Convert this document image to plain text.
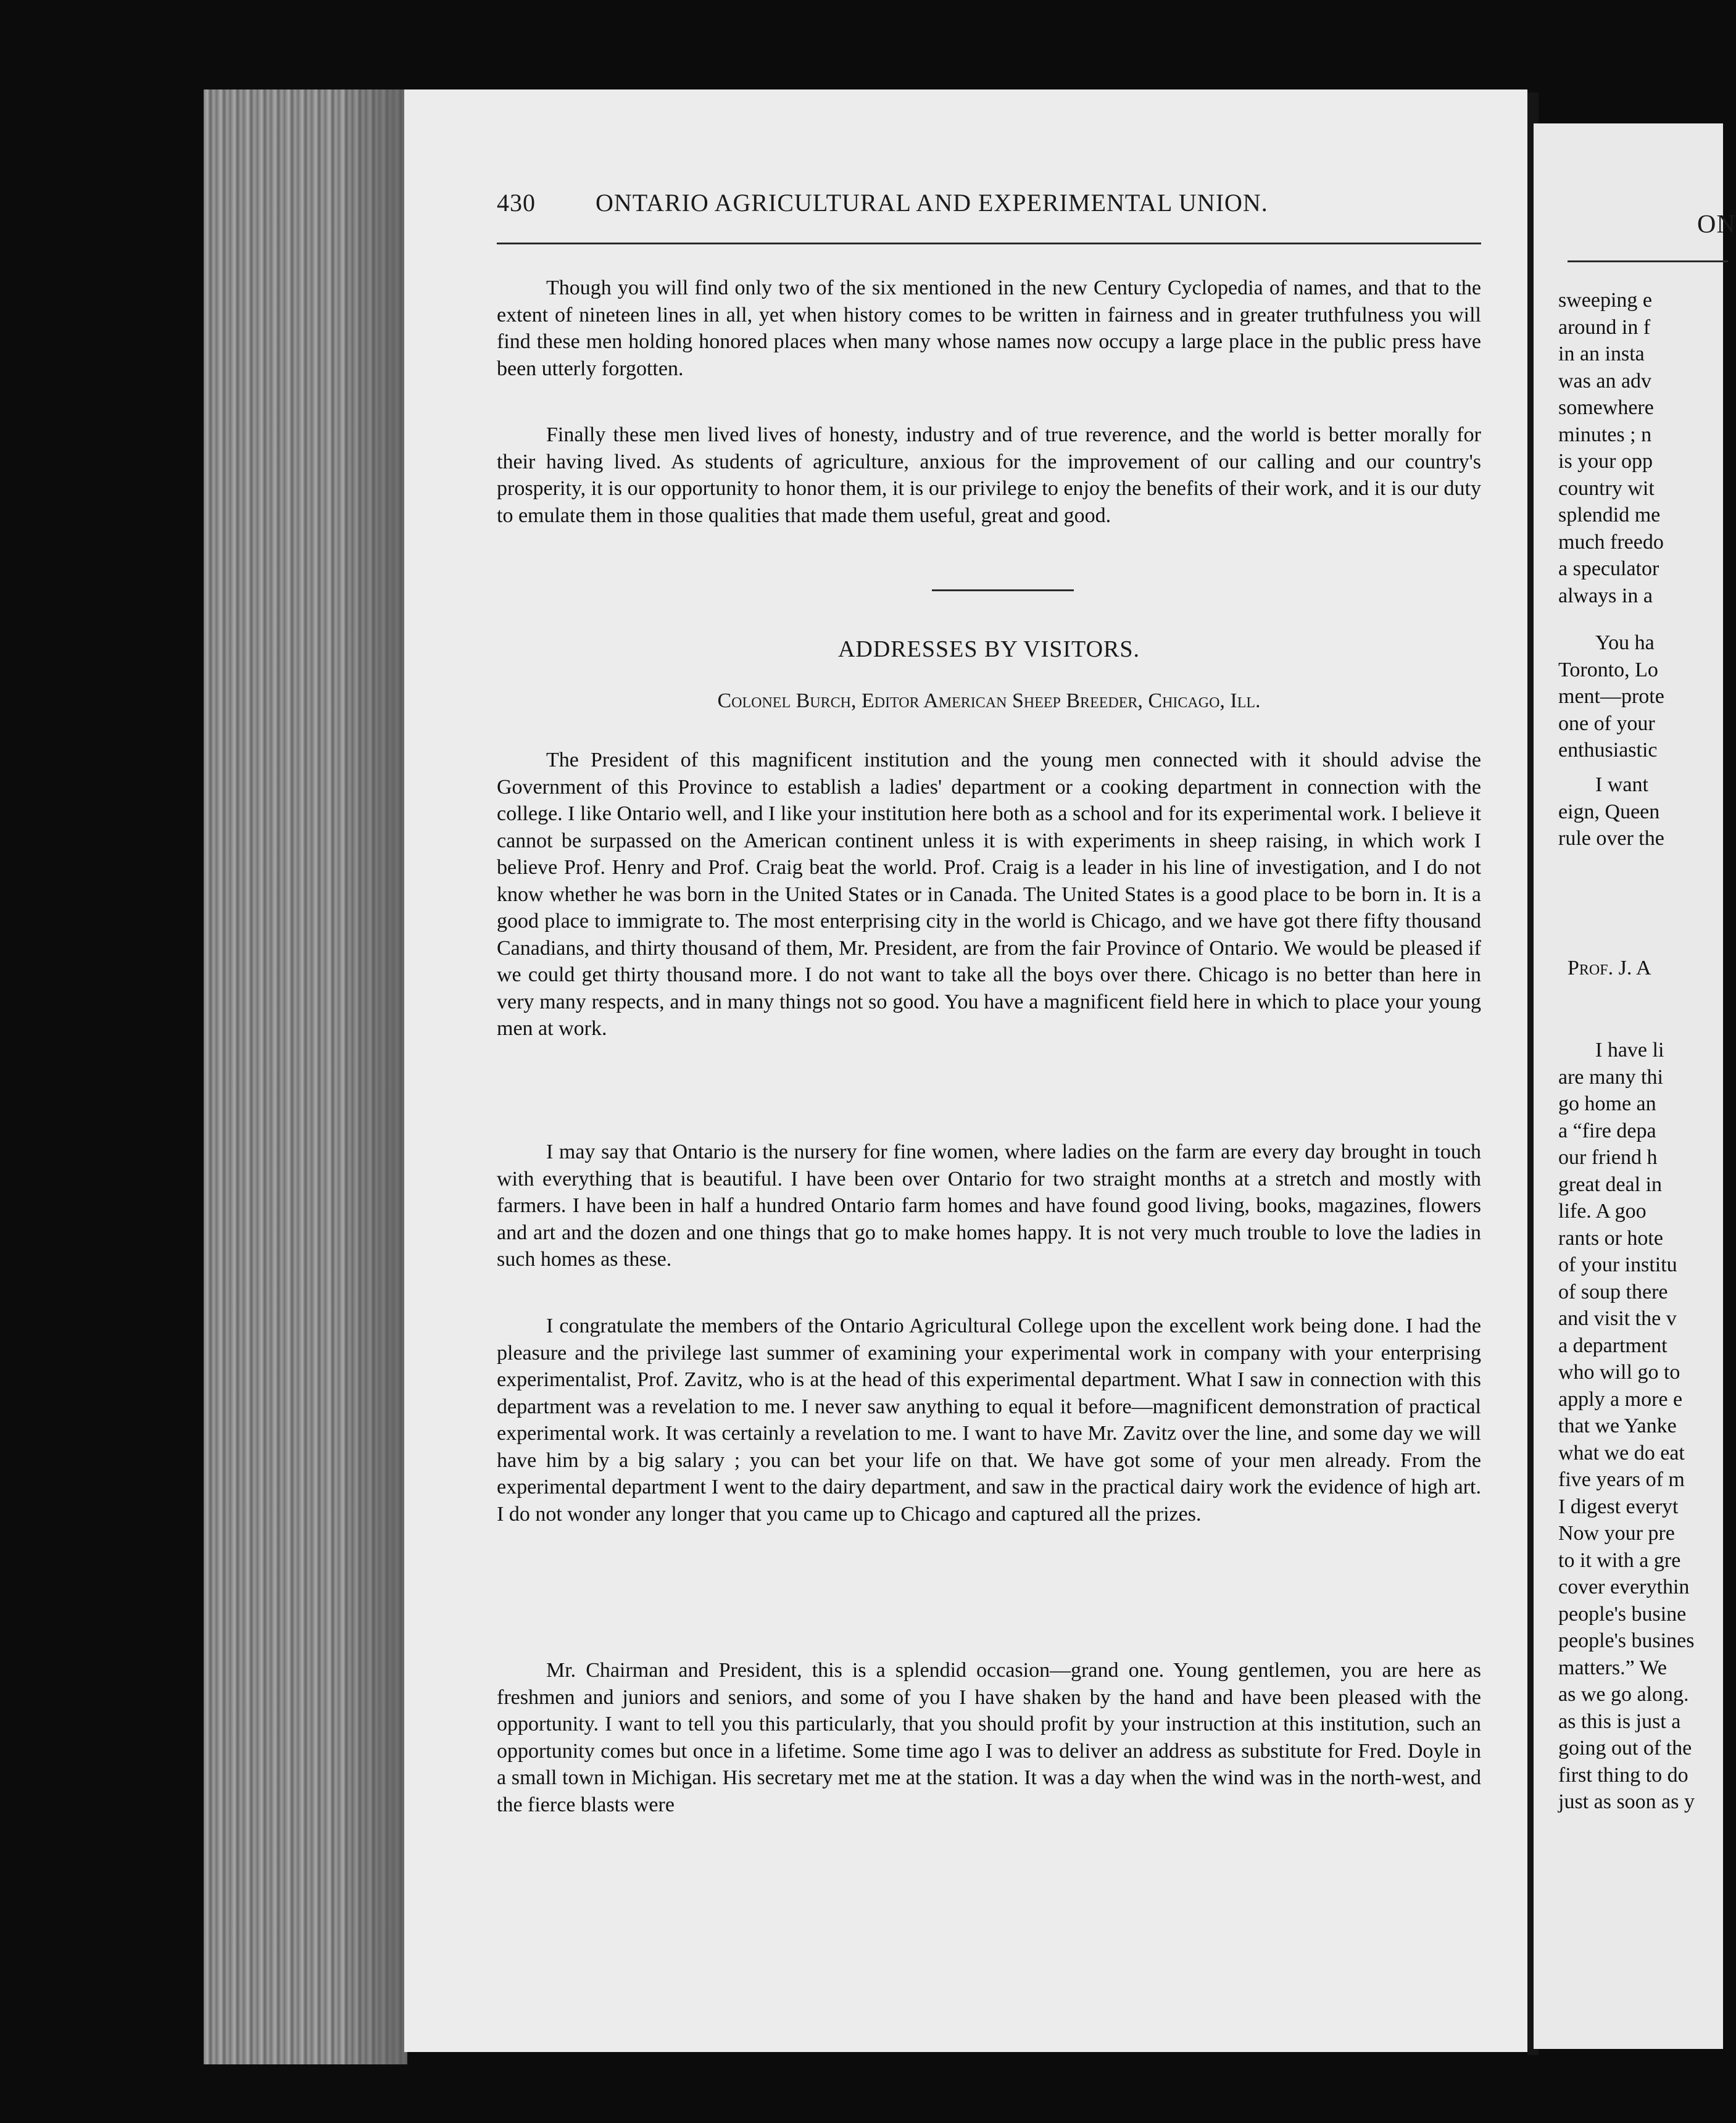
430 ONTARIO AGRICULTURAL AND EXPERIMENTAL UNION.
Though you will find only two of the six mentioned in the new Century Cyclopedia of names, and that to the extent of nineteen lines in all, yet when history comes to be written in fairness and in greater truthfulness you will find these men holding honored places when many whose names now occupy a large place in the public press have been utterly forgotten.
Finally these men lived lives of honesty, industry and of true reverence, and the world is better morally for their having lived. As students of agriculture, anxious for the improvement of our calling and our country's prosperity, it is our opportunity to honor them, it is our privilege to enjoy the benefits of their work, and it is our duty to emulate them in those qualities that made them useful, great and good.
ADDRESSES BY VISITORS.
Colonel Burch, Editor American Sheep Breeder, Chicago, Ill.
The President of this magnificent institution and the young men connected with it should advise the Government of this Province to establish a ladies' department or a cooking department in connection with the college. I like Ontario well, and I like your institution here both as a school and for its experimental work. I believe it cannot be surpassed on the American continent unless it is with experiments in sheep raising, in which work I believe Prof. Henry and Prof. Craig beat the world. Prof. Craig is a leader in his line of investigation, and I do not know whether he was born in the United States or in Canada. The United States is a good place to be born in. It is a good place to immigrate to. The most enterprising city in the world is Chicago, and we have got there fifty thousand Canadians, and thirty thousand of them, Mr. President, are from the fair Province of Ontario. We would be pleased if we could get thirty thousand more. I do not want to take all the boys over there. Chicago is no better than here in very many respects, and in many things not so good. You have a magnificent field here in which to place your young men at work.
I may say that Ontario is the nursery for fine women, where ladies on the farm are every day brought in touch with everything that is beautiful. I have been over Ontario for two straight months at a stretch and mostly with farmers. I have been in half a hundred Ontario farm homes and have found good living, books, magazines, flowers and art and the dozen and one things that go to make homes happy. It is not very much trouble to love the ladies in such homes as these.
I congratulate the members of the Ontario Agricultural College upon the excellent work being done. I had the pleasure and the privilege last summer of examining your experimental work in company with your enterprising experimentalist, Prof. Zavitz, who is at the head of this experimental department. What I saw in connection with this department was a revelation to me. I never saw anything to equal it before—magnificent demonstration of practical experimental work. It was certainly a revelation to me. I want to have Mr. Zavitz over the line, and some day we will have him by a big salary ; you can bet your life on that. We have got some of your men already. From the experimental department I went to the dairy department, and saw in the practical dairy work the evidence of high art. I do not wonder any longer that you came up to Chicago and captured all the prizes.
Mr. Chairman and President, this is a splendid occasion—grand one. Young gentlemen, you are here as freshmen and juniors and seniors, and some of you I have shaken by the hand and have been pleased with the opportunity. I want to tell you this particularly, that you should profit by your instruction at this institution, such an opportunity comes but once in a lifetime. Some time ago I was to deliver an address as substitute for Fred. Doyle in a small town in Michigan. His secretary met me at the station. It was a day when the wind was in the north-west, and the fierce blasts were
ON
sweeping e
around in f
in an insta
was an adv
somewhere
minutes ; n
is your opp
country wit
splendid me
much freedo
a speculator
always in a
You ha
Toronto, Lo
ment—prote
one of your
enthusiastic
I want
eign, Queen
rule over the
I have li
are many thi
go home an
a “fire depa
our friend h
great deal in
life. A goo
rants or hote
of your institu
of soup there
and visit the v
a department
who will go to
apply a more e
that we Yanke
what we do eat
five years of m
I digest everyt
Now your pre
to it with a gre
cover everythin
people's busine
people's busines
matters.” We
as we go along.
as this is just a
going out of the
first thing to do
just as soon as y
Prof. J. A
